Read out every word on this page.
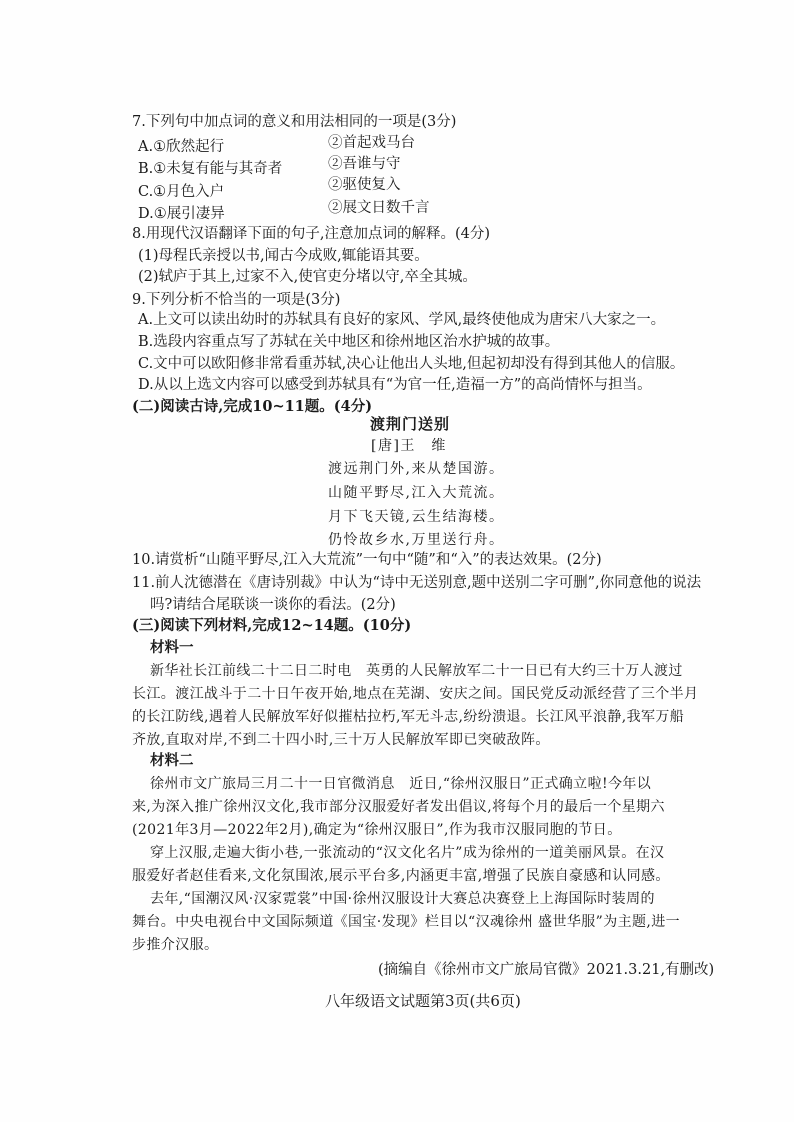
7.下列句中加点词的意义和用法相同的一项是(3分)
A.①欣然起行	②首起戏马台
B.①未复有能与其奇者	②吾谁与守
C.①月色入户	②驱使复入
D.①展引凄异	②展文日数千言
8.用现代汉语翻译下面的句子,注意加点词的解释。(4分)
(1)母程氏亲授以书,闻古今成败,辄能语其要。
(2)轼庐于其上,过家不入,使官吏分堵以守,卒全其城。
9.下列分析不恰当的一项是(3分)
A.上文可以读出幼时的苏轼具有良好的家风、学风,最终使他成为唐宋八大家之一。
B.选段内容重点写了苏轼在关中地区和徐州地区治水护城的故事。
C.文中可以欧阳修非常看重苏轼,决心让他出人头地,但起初却没有得到其他人的信服。
D.从以上选文内容可以感受到苏轼具有“为官一任,造福一方”的高尚情怀与担当。
(二)阅读古诗,完成10~11题。(4分)
渡荆门送别
[唐]王　维
渡远荆门外,来从楚国游。
山随平野尽,江入大荒流。
月下飞天镜,云生结海楼。
仍怜故乡水,万里送行舟。
10.请赏析“山随平野尽,江入大荒流”一句中“随”和“入”的表达效果。(2分)
11.前人沈德潜在《唐诗别裁》中认为“诗中无送别意,题中送别二字可删”,你同意他的说法
吗?请结合尾联谈一谈你的看法。(2分)
(三)阅读下列材料,完成12~14题。(10分)
材料一
新华社长江前线二十二日二时电　英勇的人民解放军二十一日已有大约三十万人渡过
长江。渡江战斗于二十日午夜开始,地点在芜湖、安庆之间。国民党反动派经营了三个半月
的长江防线,遇着人民解放军好似摧枯拉朽,军无斗志,纷纷溃退。长江风平浪静,我军万船
齐放,直取对岸,不到二十四小时,三十万人民解放军即已突破敌阵。
材料二
徐州市文广旅局三月二十一日官微消息　近日,“徐州汉服日”正式确立啦!今年以
来,为深入推广徐州汉文化,我市部分汉服爱好者发出倡议,将每个月的最后一个星期六
(2021年3月—2022年2月),确定为“徐州汉服日”,作为我市汉服同胞的节日。
穿上汉服,走遍大街小巷,一张流动的“汉文化名片”成为徐州的一道美丽风景。在汉
服爱好者赵佳看来,文化氛围浓,展示平台多,内涵更丰富,增强了民族自豪感和认同感。
去年,“国潮汉风·汉家霓裳”中国·徐州汉服设计大赛总决赛登上上海国际时装周的
舞台。中央电视台中文国际频道《国宝·发现》栏目以“汉魂徐州 盛世华服”为主题,进一
步推介汉服。
(摘编自《徐州市文广旅局官微》2021.3.21,有删改)
八年级语文试题第3页(共6页)
